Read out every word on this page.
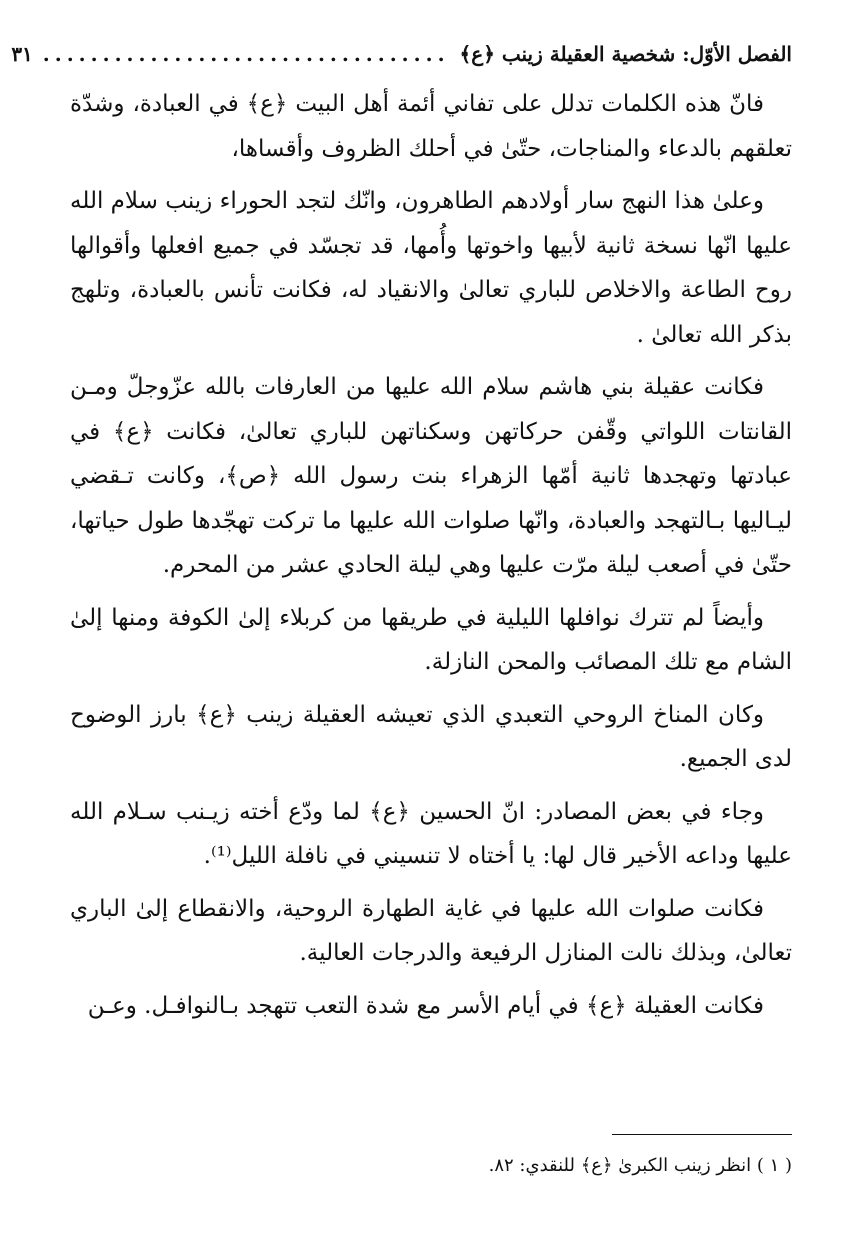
الفصل الأوّل: شخصية العقيلة زينب ﴿ع﴾
..................................
٣١

فانّ هذه الكلمات تدلل على تفاني أئمة أهل البيت ﴿ع﴾ في العبادة، وشدّة تعلقهم بالدعاء والمناجات، حتّىٰ في أحلك الظروف وأقساها،

وعلىٰ هذا النهج سار أولادهم الطاهرون، وانّك لتجد الحوراء زينب سلام الله عليها انّها نسخة ثانية لأبيها واخوتها وأُمها، قد تجسّد في جميع افعلها وأقوالها روح الطاعة والاخلاص للباري تعالىٰ والانقياد له، فكانت تأنس بالعبادة، وتلهج بذكر الله تعالىٰ .

فكانت عقيلة بني هاشم سلام الله عليها من العارفات بالله عزّوجلّ ومـن القانتات اللواتي وقّفن حركاتهن وسكناتهن للباري تعالىٰ، فكانت ﴿ع﴾ في عبادتها وتهجدها ثانية أمّها الزهراء بنت رسول الله ﴿ص﴾، وكانت تـقضي ليـاليها بـالتهجد والعبادة، وانّها صلوات الله عليها ما تركت تهجّدها طول حياتها، حتّىٰ في أصعب ليلة مرّت عليها وهي ليلة الحادي عشر من المحرم.

وأيضاً لم تترك نوافلها الليلية في طريقها من كربلاء إلىٰ الكوفة ومنها إلىٰ الشام مع تلك المصائب والمحن النازلة.

وكان المناخ الروحي التعبدي الذي تعيشه العقيلة زينب ﴿ع﴾ بارز الوضوح لدى الجميع.

وجاء في بعض المصادر: انّ الحسين ﴿ع﴾ لما ودّع أخته زيـنب سـلام الله عليها وداعه الأخير قال لها: يا أختاه لا تنسيني في نافلة الليل⁽¹⁾.

فكانت صلوات الله عليها في غاية الطهارة الروحية، والانقطاع إلىٰ الباري تعالىٰ، وبذلك نالت المنازل الرفيعة والدرجات العالية.

فكانت العقيلة ﴿ع﴾ في أيام الأسر مع شدة التعب تتهجد بـالنوافـل. وعـن

( ١ ) انظر زينب الكبرىٰ ﴿ع﴾ للنقدي: ٨٢.
